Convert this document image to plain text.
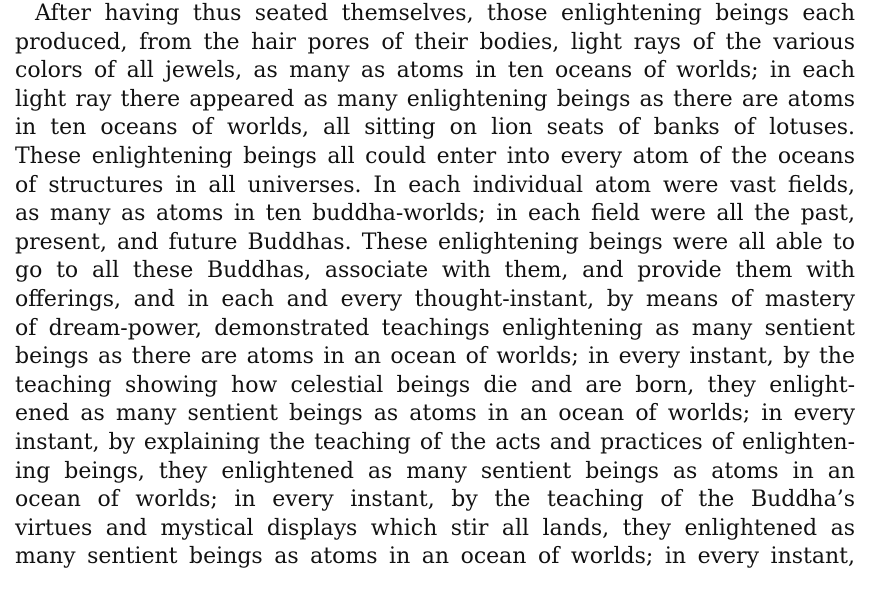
After having thus seated themselves, those enlightening beings each
produced, from the hair pores of their bodies, light rays of the various
colors of all jewels, as many as atoms in ten oceans of worlds; in each
light ray there appeared as many enlightening beings as there are atoms
in ten oceans of worlds, all sitting on lion seats of banks of lotuses.
These enlightening beings all could enter into every atom of the oceans
of structures in all universes. In each individual atom were vast fields,
as many as atoms in ten buddha-worlds; in each field were all the past,
present, and future Buddhas. These enlightening beings were all able to
go to all these Buddhas, associate with them, and provide them with
offerings, and in each and every thought-instant, by means of mastery
of dream-power, demonstrated teachings enlightening as many sentient
beings as there are atoms in an ocean of worlds; in every instant, by the
teaching showing how celestial beings die and are born, they enlight-
ened as many sentient beings as atoms in an ocean of worlds; in every
instant, by explaining the teaching of the acts and practices of enlighten-
ing beings, they enlightened as many sentient beings as atoms in an
ocean of worlds; in every instant, by the teaching of the Buddha’s
virtues and mystical displays which stir all lands, they enlightened as
many sentient beings as atoms in an ocean of worlds; in every instant,
